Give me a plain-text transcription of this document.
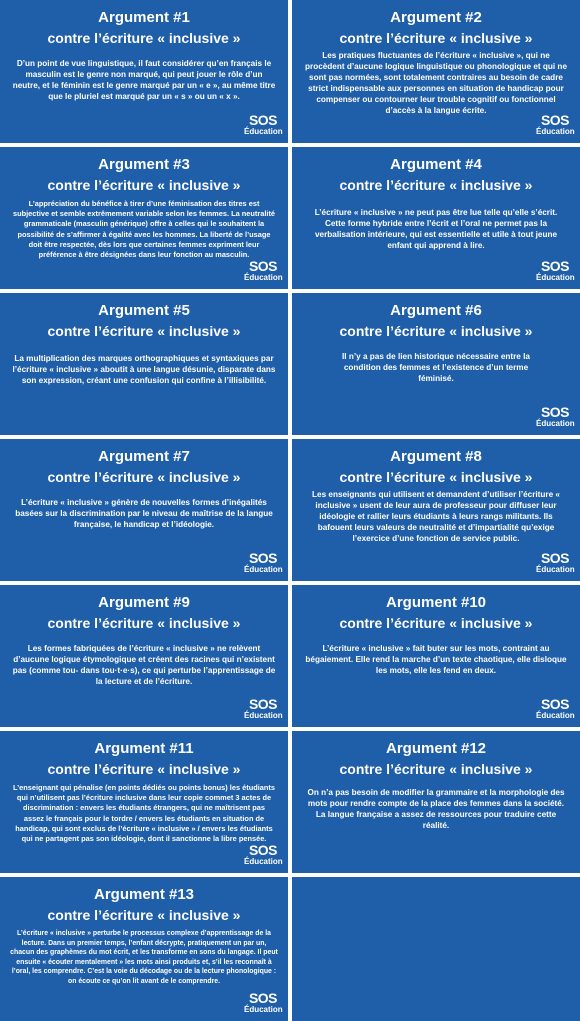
Argument #1
contre l’écriture « inclusive »
D’un point de vue linguistique, il faut considérer qu’en français le masculin est le genre non marqué, qui peut jouer le rôle d’un neutre, et le féminin est le genre marqué par un « e », au même titre que le pluriel est marqué par un « s » ou un « x ».
SOS
Éducation
Argument #2
contre l’écriture « inclusive »
Les pratiques fluctuantes de l’écriture « inclusive », qui ne procèdent d’aucune logique linguistique ou phonologique et qui ne sont pas normées, sont totalement contraires au besoin de cadre strict indispensable aux personnes en situation de handicap pour compenser ou contourner leur trouble cognitif ou fonctionnel d’accès à la langue écrite.
SOS
Éducation
Argument #3
contre l’écriture « inclusive »
L’appréciation du bénéfice à tirer d’une féminisation des titres est subjective et semble extrêmement variable selon les femmes. La neutralité grammaticale (masculin générique) offre à celles qui le souhaitent la possibilité de s’affirmer à égalité avec les hommes. La liberté de l’usage doit être respectée, dès lors que certaines femmes expriment leur préférence à être désignées dans leur fonction au masculin.
SOS
Éducation
Argument #4
contre l’écriture « inclusive »
L’écriture « inclusive » ne peut pas être lue telle qu’elle s’écrit. Cette forme hybride entre l’écrit et l’oral ne permet pas la verbalisation intérieure, qui est essentielle et utile à tout jeune enfant qui apprend à lire.
SOS
Éducation
Argument #5
contre l’écriture « inclusive »
La multiplication des marques orthographiques et syntaxiques par l’écriture « inclusive » aboutit à une langue désunie, disparate dans son expression, créant une confusion qui confine à l’illisibilité.
Argument #6
contre l’écriture « inclusive »
Il n’y a pas de lien historique nécessaire entre la condition des femmes et l’existence d’un terme féminisé.
SOS
Éducation
Argument #7
contre l’écriture « inclusive »
L’écriture « inclusive » génère de nouvelles formes d’inégalités basées sur la discrimination par le niveau de maîtrise de la langue française, le handicap et l’idéologie.
SOS
Éducation
Argument #8
contre l’écriture « inclusive »
Les enseignants qui utilisent et demandent d’utiliser l’écriture « inclusive » usent de leur aura de professeur pour diffuser leur idéologie et rallier leurs étudiants à leurs rangs militants. Ils bafouent leurs valeurs de neutralité et d’impartialité qu’exige l’exercice d’une fonction de service public.
SOS
Éducation
Argument #9
contre l’écriture « inclusive »
Les formes fabriquées de l’écriture « inclusive » ne relèvent d’aucune logique étymologique et créent des racines qui n’existent pas (comme tou- dans tou·t·e·s), ce qui perturbe l’apprentissage de la lecture et de l’écriture.
SOS
Éducation
Argument #10
contre l’écriture « inclusive »
L’écriture « inclusive » fait buter sur les mots, contraint au bégaiement. Elle rend la marche d’un texte chaotique, elle disloque les mots, elle les fend en deux.
SOS
Éducation
Argument #11
contre l’écriture « inclusive »
L’enseignant qui pénalise (en points dédiés ou points bonus) les étudiants qui n’utilisent pas l’écriture inclusive dans leur copie commet 3 actes de discrimination : envers les étudiants étrangers, qui ne maîtrisent pas assez le français pour le tordre / envers les étudiants en situation de handicap, qui sont exclus de l’écriture « inclusive » / envers les étudiants qui ne partagent pas son idéologie, dont il sanctionne la libre pensée.
SOS
Éducation
Argument #12
contre l’écriture « inclusive »
On n’a pas besoin de modifier la grammaire et la morphologie des mots pour rendre compte de la place des femmes dans la société. La langue française a assez de ressources pour traduire cette réalité.
Argument #13
contre l’écriture « inclusive »
L’écriture « inclusive » perturbe le processus complexe d’apprentissage de la lecture. Dans un premier temps, l’enfant décrypte, pratiquement un par un, chacun des graphèmes du mot écrit, et les transforme en sons du langage. Il peut ensuite « écouter mentalement » les mots ainsi produits et, s’il les reconnaît à l’oral, les comprendre. C’est la voie du décodage ou de la lecture phonologique : on écoute ce qu’on lit avant de le comprendre.
SOS
Éducation
